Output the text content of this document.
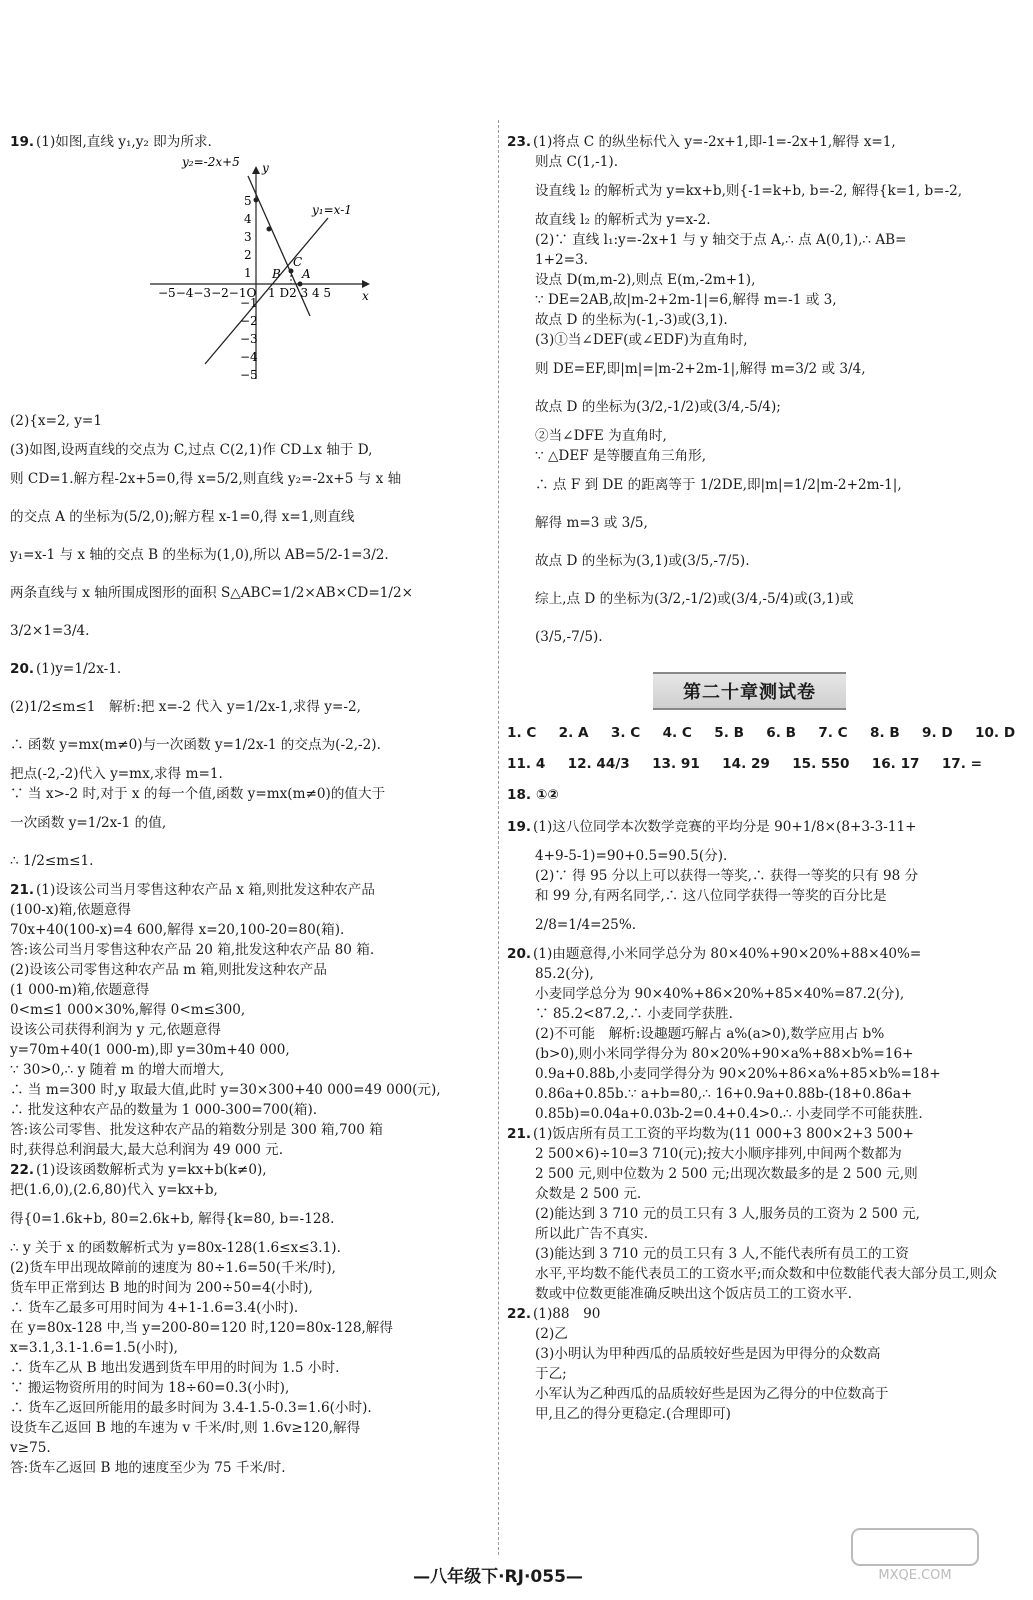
19. (1)如图,直线 y₁,y₂ 即为所求.

y₂=-2x+5
y₁=x-1
x
y
−5−4−3−2−1O 1 D2 3 4 5
B
C
A
5
4
3
2
1
−1
−2
−3
−4
−5

(2){x=2, y=1

(3)如图,设两直线的交点为 C,过点 C(2,1)作 CD⊥x 轴于 D,

则 CD=1.解方程-2x+5=0,得 x=5/2,则直线 y₂=-2x+5 与 x 轴

的交点 A 的坐标为(5/2,0);解方程 x-1=0,得 x=1,则直线

y₁=x-1 与 x 轴的交点 B 的坐标为(1,0),所以 AB=5/2-1=3/2.

两条直线与 x 轴所围成图形的面积 S△ABC=1/2×AB×CD=1/2×

3/2×1=3/4.

20. (1)y=1/2x-1.

(2)1/2≤m≤1　解析:把 x=-2 代入 y=1/2x-1,求得 y=-2,

∴ 函数 y=mx(m≠0)与一次函数 y=1/2x-1 的交点为(-2,-2).

把点(-2,-2)代入 y=mx,求得 m=1.

∵ 当 x>-2 时,对于 x 的每一个值,函数 y=mx(m≠0)的值大于

一次函数 y=1/2x-1 的值,

∴ 1/2≤m≤1.

21. (1)设该公司当月零售这种农产品 x 箱,则批发这种农产品

(100-x)箱,依题意得

70x+40(100-x)=4 600,解得 x=20,100-20=80(箱).

答:该公司当月零售这种农产品 20 箱,批发这种农产品 80 箱.

(2)设该公司零售这种农产品 m 箱,则批发这种农产品

(1 000-m)箱,依题意得

0<m≤1 000×30%,解得 0<m≤300,

设该公司获得利润为 y 元,依题意得

y=70m+40(1 000-m),即 y=30m+40 000,

∵ 30>0,∴ y 随着 m 的增大而增大,

∴ 当 m=300 时,y 取最大值,此时 y=30×300+40 000=49 000(元),

∴ 批发这种农产品的数量为 1 000-300=700(箱).

答:该公司零售、批发这种农产品的箱数分别是 300 箱,700 箱

时,获得总利润最大,最大总利润为 49 000 元.

22. (1)设该函数解析式为 y=kx+b(k≠0),

把(1.6,0),(2.6,80)代入 y=kx+b,

得{0=1.6k+b, 80=2.6k+b, 解得{k=80, b=-128.

∴ y 关于 x 的函数解析式为 y=80x-128(1.6≤x≤3.1).

(2)货车甲出现故障前的速度为 80÷1.6=50(千米/时),

货车甲正常到达 B 地的时间为 200÷50=4(小时),

∴ 货车乙最多可用时间为 4+1-1.6=3.4(小时).

在 y=80x-128 中,当 y=200-80=120 时,120=80x-128,解得

x=3.1,3.1-1.6=1.5(小时),

∴ 货车乙从 B 地出发遇到货车甲用的时间为 1.5 小时.

∵ 搬运物资所用的时间为 18÷60=0.3(小时),

∴ 货车乙返回所能用的最多时间为 3.4-1.5-0.3=1.6(小时).

设货车乙返回 B 地的车速为 v 千米/时,则 1.6v≥120,解得

v≥75.

答:货车乙返回 B 地的速度至少为 75 千米/时.

23. (1)将点 C 的纵坐标代入 y=-2x+1,即-1=-2x+1,解得 x=1,

则点 C(1,-1).

设直线 l₂ 的解析式为 y=kx+b,则{-1=k+b, b=-2, 解得{k=1, b=-2,

故直线 l₂ 的解析式为 y=x-2.

(2)∵ 直线 l₁:y=-2x+1 与 y 轴交于点 A,∴ 点 A(0,1),∴ AB=

1+2=3.

设点 D(m,m-2),则点 E(m,-2m+1),

∵ DE=2AB,故|m-2+2m-1|=6,解得 m=-1 或 3,

故点 D 的坐标为(-1,-3)或(3,1).

(3)①当∠DEF(或∠EDF)为直角时,

则 DE=EF,即|m|=|m-2+2m-1|,解得 m=3/2 或 3/4,

故点 D 的坐标为(3/2,-1/2)或(3/4,-5/4);

②当∠DFE 为直角时,

∵ △DEF 是等腰直角三角形,

∴ 点 F 到 DE 的距离等于 1/2DE,即|m|=1/2|m-2+2m-1|,

解得 m=3 或 3/5,

故点 D 的坐标为(3,1)或(3/5,-7/5).

综上,点 D 的坐标为(3/2,-1/2)或(3/4,-5/4)或(3,1)或

(3/5,-7/5).

第二十章测试卷
1. C 2. A 3. C 4. C 5. B 6. B 7. C 8. B 9. D 10. D
11. 4 12. 44/3 13. 91 14. 29 15. 550 16. 17 17. =
18. ①②

19. (1)这八位同学本次数学竞赛的平均分是 90+1/8×(8+3-3-11+

4+9-5-1)=90+0.5=90.5(分).

(2)∵ 得 95 分以上可以获得一等奖,∴ 获得一等奖的只有 98 分

和 99 分,有两名同学,∴ 这八位同学获得一等奖的百分比是

2/8=1/4=25%.

20. (1)由题意得,小米同学总分为 80×40%+90×20%+88×40%=

85.2(分),

小麦同学总分为 90×40%+86×20%+85×40%=87.2(分),

∵ 85.2<87.2,∴ 小麦同学获胜.

(2)不可能　解析:设趣题巧解占 a%(a>0),数学应用占 b%

(b>0),则小米同学得分为 80×20%+90×a%+88×b%=16+

0.9a+0.88b,小麦同学得分为 90×20%+86×a%+85×b%=18+

0.86a+0.85b.∵ a+b=80,∴ 16+0.9a+0.88b-(18+0.86a+

0.85b)=0.04a+0.03b-2=0.4+0.4>0.∴ 小麦同学不可能获胜.

21. (1)饭店所有员工工资的平均数为(11 000+3 800×2+3 500+

2 500×6)÷10=3 710(元);按大小顺序排列,中间两个数都为

2 500 元,则中位数为 2 500 元;出现次数最多的是 2 500 元,则

众数是 2 500 元.

(2)能达到 3 710 元的员工只有 3 人,服务员的工资为 2 500 元,

所以此广告不真实.

(3)能达到 3 710 元的员工只有 3 人,不能代表所有员工的工资

水平,平均数不能代表员工的工资水平;而众数和中位数能代表大部分员工,则众

数或中位数更能准确反映出这个饭店员工的工资水平.

22. (1)88　90

(2)乙

(3)小明认为甲种西瓜的品质较好些是因为甲得分的众数高

于乙;

小军认为乙种西瓜的品质较好些是因为乙得分的中位数高于

甲,且乙的得分更稳定.(合理即可)

—八年级下·RJ·055—	MXQE.COM
